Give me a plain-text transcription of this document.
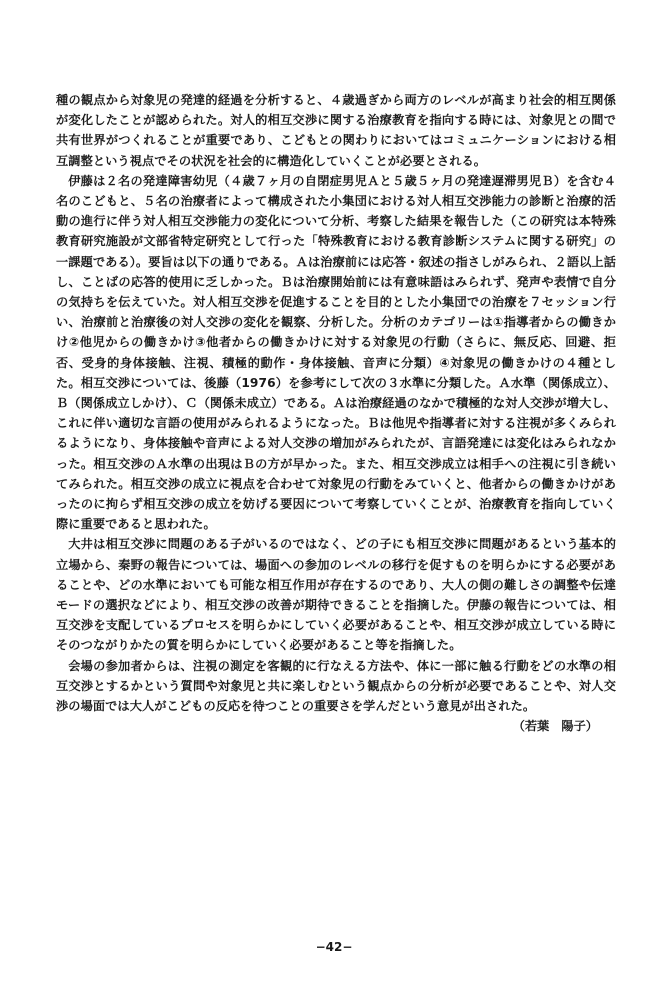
種の観点から対象児の発達的経過を分析すると、４歳過ぎから両方のレベルが高まり社会的相互関係が変化したことが認められた。対人的相互交渉に関する治療教育を指向する時には、対象児との間で共有世界がつくれることが重要であり、こどもとの関わりにおいてはコミュニケーションにおける相互調整という視点でその状況を社会的に構造化していくことが必要とされる。

伊藤は２名の発達障害幼児（４歳７ヶ月の自閉症男児Ａと５歳５ヶ月の発達遅滞男児Ｂ）を含む４名のこどもと、５名の治療者によって構成された小集団における対人相互交渉能力の診断と治療的活動の進行に伴う対人相互交渉能力の変化について分析、考察した結果を報告した（この研究は本特殊教育研究施設が文部省特定研究として行った「特殊教育における教育診断システムに関する研究」の一課題である）。要旨は以下の通りである。Ａは治療前には応答・叙述の指さしがみられ、２語以上話し、ことばの応答的使用に乏しかった。Ｂは治療開始前には有意味語はみられず、発声や表情で自分の気持ちを伝えていた。対人相互交渉を促進することを目的とした小集団での治療を７セッション行い、治療前と治療後の対人交渉の変化を観察、分析した。分析のカテゴリーは①指導者からの働きかけ②他児からの働きかけ③他者からの働きかけに対する対象児の行動（さらに、無反応、回避、拒否、受身的身体接触、注視、積極的動作・身体接触、音声に分類）④対象児の働きかけの４種とした。相互交渉については、後藤（1976）を参考にして次の３水準に分類した。Ａ水準（関係成立）、Ｂ（関係成立しかけ）、Ｃ（関係未成立）である。Ａは治療経過のなかで積極的な対人交渉が増大し、これに伴い適切な言語の使用がみられるようになった。Ｂは他児や指導者に対する注視が多くみられるようになり、身体接触や音声による対人交渉の増加がみられたが、言語発達には変化はみられなかった。相互交渉のＡ水準の出現はＢの方が早かった。また、相互交渉成立は相手への注視に引き続いてみられた。相互交渉の成立に視点を合わせて対象児の行動をみていくと、他者からの働きかけがあったのに拘らず相互交渉の成立を妨げる要因について考察していくことが、治療教育を指向していく際に重要であると思われた。

大井は相互交渉に問題のある子がいるのではなく、どの子にも相互交渉に問題があるという基本的立場から、秦野の報告については、場面への参加のレベルの移行を促すものを明らかにする必要があることや、どの水準においても可能な相互作用が存在するのであり、大人の側の難しさの調整や伝達モードの選択などにより、相互交渉の改善が期待できることを指摘した。伊藤の報告については、相互交渉を支配しているプロセスを明らかにしていく必要があることや、相互交渉が成立している時にそのつながりかたの質を明らかにしていく必要があること等を指摘した。

会場の参加者からは、注視の測定を客観的に行なえる方法や、体に一部に触る行動をどの水準の相互交渉とするかという質問や対象児と共に楽しむという観点からの分析が必要であることや、対人交渉の場面では大人がこどもの反応を待つことの重要さを学んだという意見が出された。

（若葉　陽子）

−42−
